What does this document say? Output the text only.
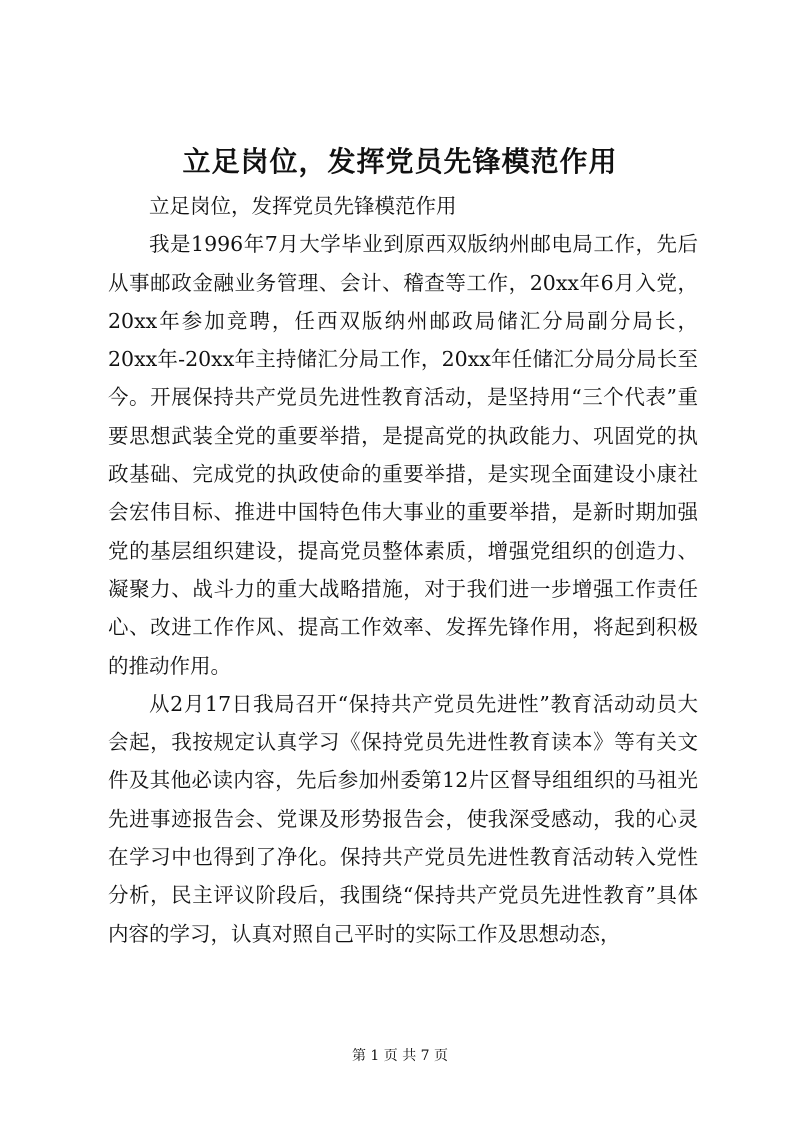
立足岗位，发挥党员先锋模范作用

立足岗位，发挥党员先锋模范作用

我是1996年7月大学毕业到原西双版纳州邮电局工作，先后从事邮政金融业务管理、会计、稽查等工作，20xx年6月入党，20xx年参加竞聘，任西双版纳州邮政局储汇分局副分局长，20xx年-20xx年主持储汇分局工作，20xx年任储汇分局分局长至今。开展保持共产党员先进性教育活动，是坚持用“三个代表”重要思想武装全党的重要举措，是提高党的执政能力、巩固党的执政基础、完成党的执政使命的重要举措，是实现全面建设小康社会宏伟目标、推进中国特色伟大事业的重要举措，是新时期加强党的基层组织建设，提高党员整体素质，增强党组织的创造力、凝聚力、战斗力的重大战略措施，对于我们进一步增强工作责任心、改进工作作风、提高工作效率、发挥先锋作用，将起到积极的推动作用。

从2月17日我局召开“保持共产党员先进性”教育活动动员大会起，我按规定认真学习《保持党员先进性教育读本》等有关文件及其他必读内容，先后参加州委第12片区督导组组织的马祖光先进事迹报告会、党课及形势报告会，使我深受感动，我的心灵在学习中也得到了净化。保持共产党员先进性教育活动转入党性分析，民主评议阶段后，我围绕“保持共产党员先进性教育”具体内容的学习，认真对照自己平时的实际工作及思想动态，

第 1 页 共 7 页
